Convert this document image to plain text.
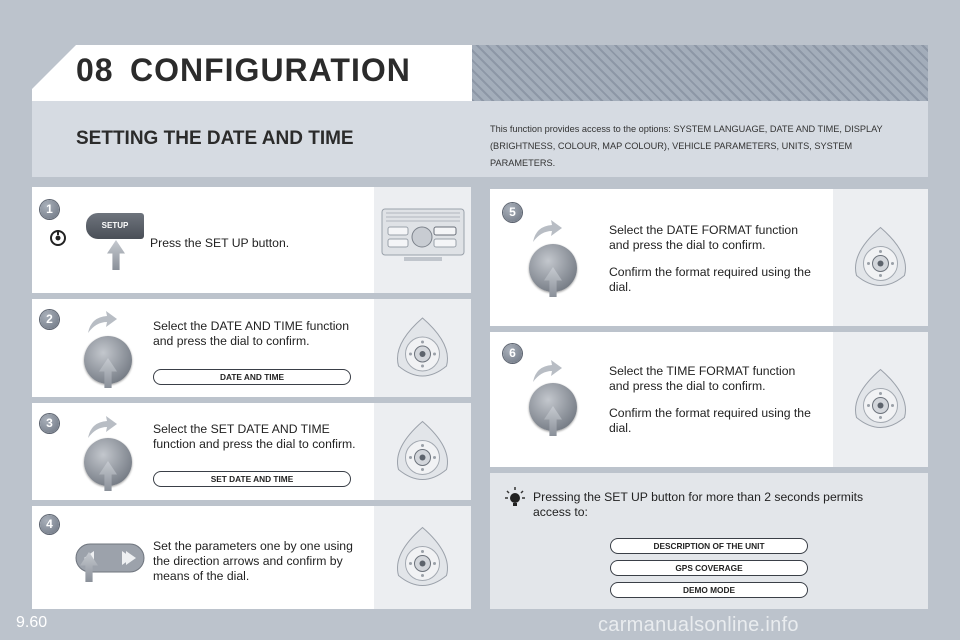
08 CONFIGURATION
SETTING THE DATE AND TIME	This function provides access to the options: SYSTEM LANGUAGE, DATE AND TIME, DISPLAY (BRIGHTNESS, COLOUR, MAP COLOUR), VEHICLE PARAMETERS, UNITS, SYSTEM PARAMETERS.
1
SETUP
Press the SET UP button.
2	Select the DATE AND TIME function and press the dial to confirm.
DATE AND TIME
3	Select the SET DATE AND TIME function and press the dial to confirm.
SET DATE AND TIME
4
Set the parameters one by one using the direction arrows and confirm by means of the dial.
5
Select the DATE FORMAT function and press the dial to confirm.
Confirm the format required using the dial.
6
Select the TIME FORMAT function and press the dial to confirm.
Confirm the format required using the dial.
Pressing the SET UP button for more than 2 seconds permits access to:
DESCRIPTION OF THE UNIT
GPS COVERAGE
DEMO MODE
9.60	carmanualsonline.info
